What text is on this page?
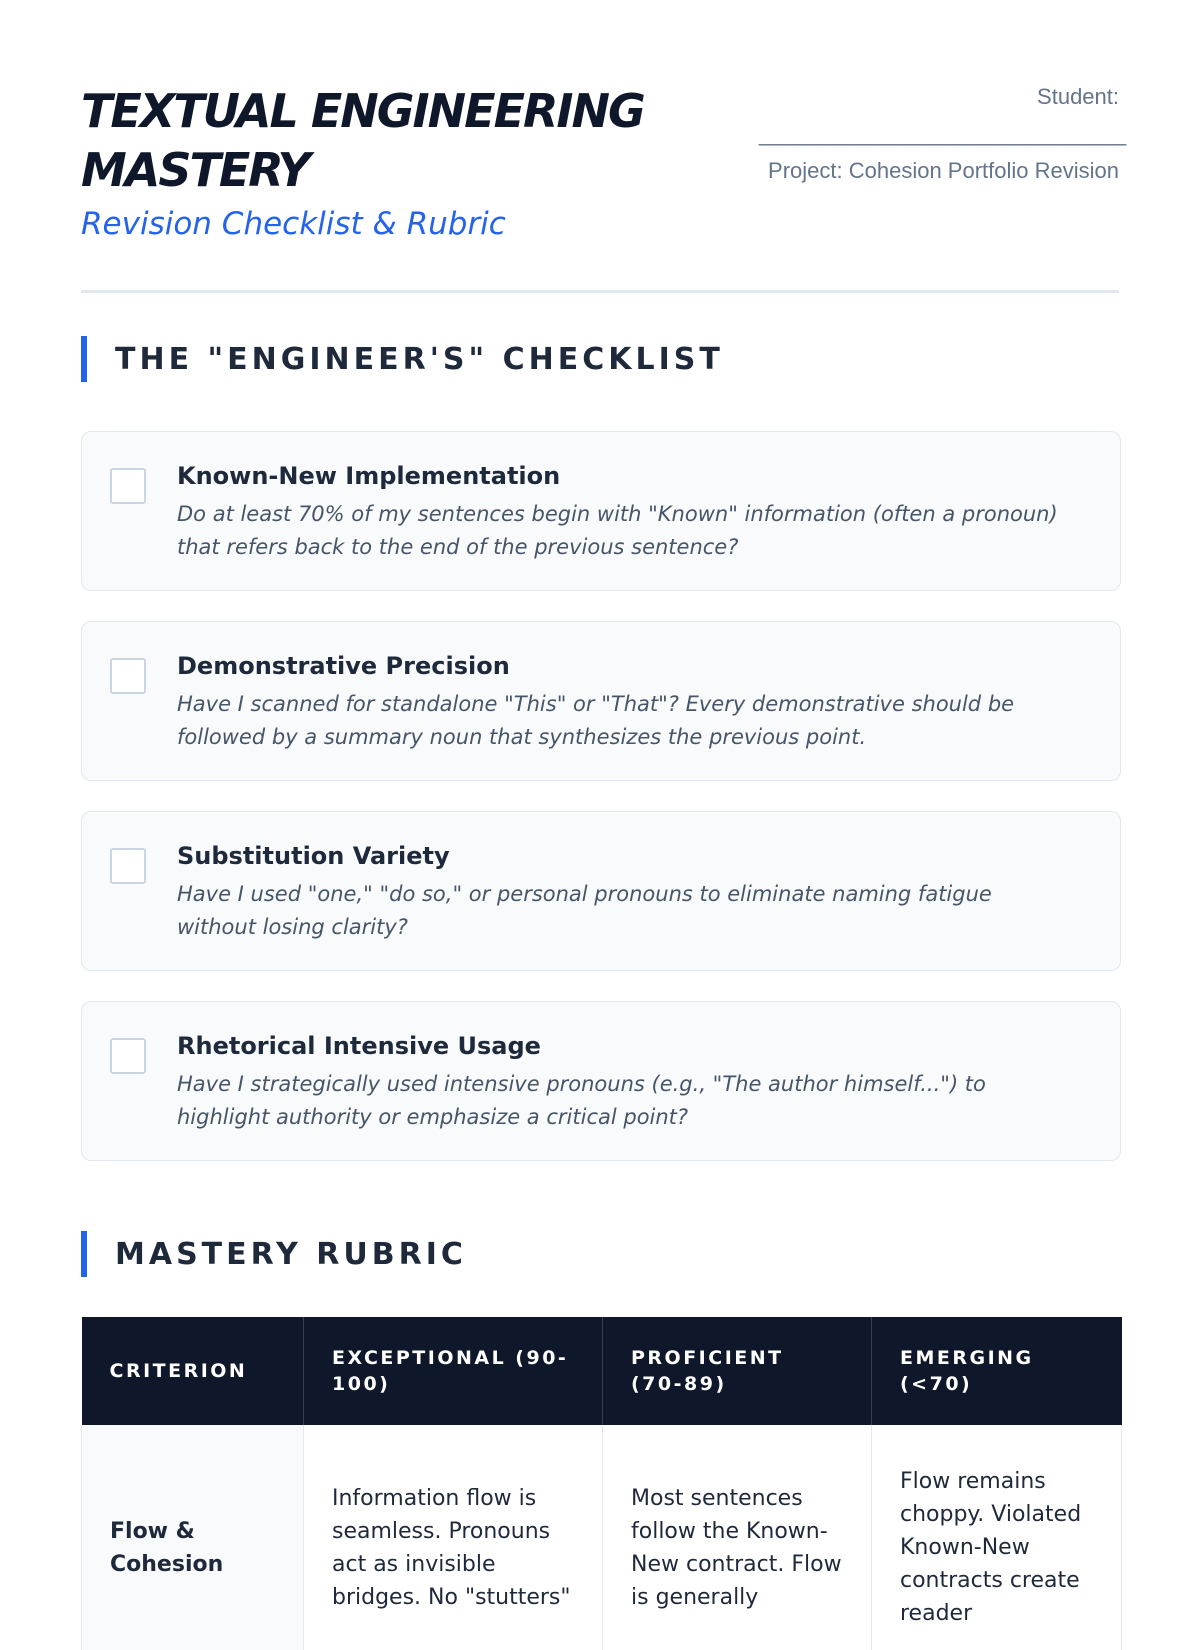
TEXTUAL ENGINEERING MASTERY
Revision Checklist & Rubric
Student:
______________________________
Project: Cohesion Portfolio Revision
THE "ENGINEER'S" CHECKLIST
Known-New Implementation
Do at least 70% of my sentences begin with "Known" information (often a pronoun) that refers back to the end of the previous sentence?
Demonstrative Precision
Have I scanned for standalone "This" or "That"? Every demonstrative should be followed by a summary noun that synthesizes the previous point.
Substitution Variety
Have I used "one," "do so," or personal pronouns to eliminate naming fatigue without losing clarity?
Rhetorical Intensive Usage
Have I strategically used intensive pronouns (e.g., "The author himself...") to highlight authority or emphasize a critical point?
MASTERY RUBRIC
CRITERION	EXCEPTIONAL (90-100)	PROFICIENT (70-89)	EMERGING (<70)
Flow & Cohesion	Information flow is seamless. Pronouns act as invisible bridges. No "stutters"	Most sentences follow the Known-New contract. Flow is generally	Flow remains choppy. Violated Known-New contracts create reader
